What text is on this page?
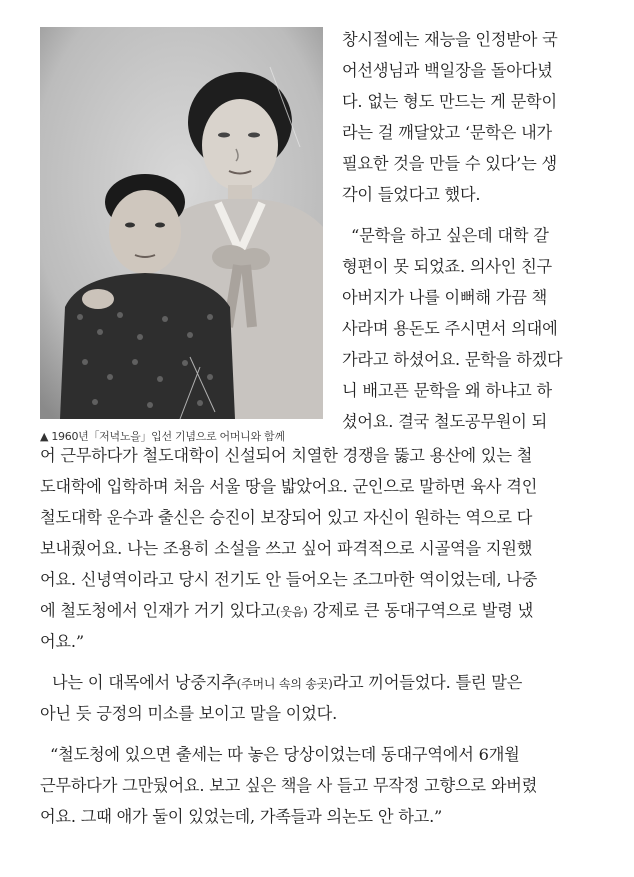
▲ 1960년「저녁노을」입선 기념으로 어머니와 함께
창시절에는 재능을 인정받아 국
어선생님과 백일장을 돌아다녔
다. 없는 형도 만드는 게 문학이
라는 걸 깨달았고 ‘문학은 내가
필요한 것을 만들 수 있다’는 생
각이 들었다고 했다.
“문학을 하고 싶은데 대학 갈
형편이 못 되었죠. 의사인 친구
아버지가 나를 이뻐해 가끔 책
사라며 용돈도 주시면서 의대에
가라고 하셨어요. 문학을 하겠다
니 배고픈 문학을 왜 하냐고 하
셨어요. 결국 철도공무원이 되
어 근무하다가 철도대학이 신설되어 치열한 경쟁을 뚫고 용산에 있는 철
도대학에 입학하며 처음 서울 땅을 밟았어요. 군인으로 말하면 육사 격인
철도대학 운수과 출신은 승진이 보장되어 있고 자신이 원하는 역으로 다
보내줬어요. 나는 조용히 소설을 쓰고 싶어 파격적으로 시골역을 지원했
어요. 신녕역이라고 당시 전기도 안 들어오는 조그마한 역이었는데, 나중
에 철도청에서 인재가 거기 있다고(웃음) 강제로 큰 동대구역으로 발령 냈
어요.”
나는 이 대목에서 낭중지추(주머니 속의 송곳)라고 끼어들었다. 틀린 말은
아닌 듯 긍정의 미소를 보이고 말을 이었다.
“철도청에 있으면 출세는 따 놓은 당상이었는데 동대구역에서 6개월
근무하다가 그만뒀어요. 보고 싶은 책을 사 들고 무작정 고향으로 와버렸
어요. 그때 애가 둘이 있었는데, 가족들과 의논도 안 하고.”
